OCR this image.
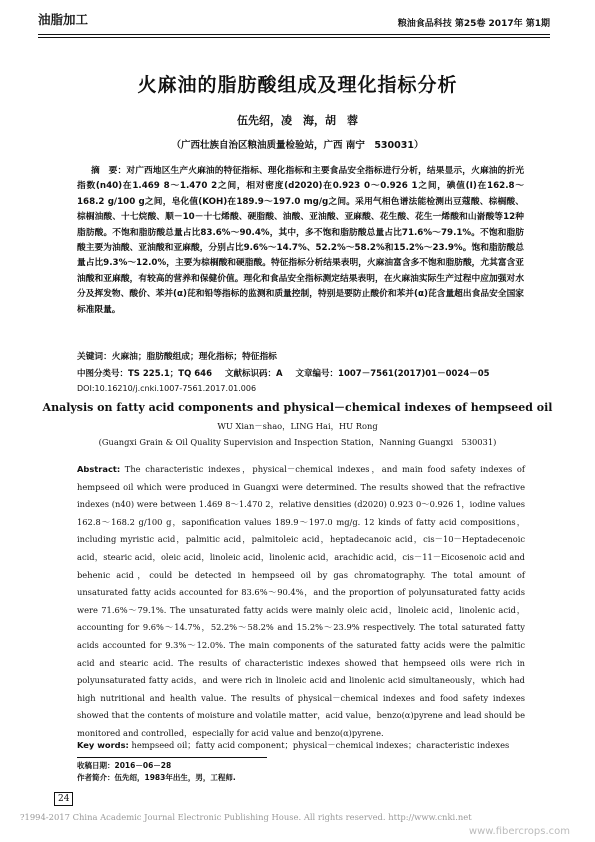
油脂加工	粮油食品科技 第25卷 2017年 第1期
火麻油的脂肪酸组成及理化指标分析
伍先绍，凌　海，胡　蓉
（广西壮族自治区粮油质量检验站，广西 南宁　530031）
摘　要：对广西地区生产火麻油的特征指标、理化指标和主要食品安全指标进行分析，结果显示，火麻油的折光指数(n40)在1.469 8～1.470 2之间，相对密度(d2020)在0.923 0～0.926 1之间，碘值(I)在162.8～168.2 g/100 g之间，皂化值(KOH)在189.9～197.0 mg/g之间。采用气相色谱法能检测出豆蔻酸、棕榈酸、棕榈油酸、十七烷酸、顺－10－十七烯酸、硬脂酸、油酸、亚油酸、亚麻酸、花生酸、花生一烯酸和山嵛酸等12种脂肪酸。不饱和脂肪酸总量占比83.6%～90.4%，其中，多不饱和脂肪酸总量占比71.6%～79.1%。不饱和脂肪酸主要为油酸、亚油酸和亚麻酸，分别占比9.6%～14.7%、52.2%～58.2%和15.2%～23.9%。饱和脂肪酸总量占比9.3%～12.0%，主要为棕榈酸和硬脂酸。特征指标分析结果表明，火麻油富含多不饱和脂肪酸，尤其富含亚油酸和亚麻酸，有较高的营养和保健价值。理化和食品安全指标测定结果表明，在火麻油实际生产过程中应加强对水分及挥发物、酸价、苯并(α)芘和铅等指标的监测和质量控制，特别是要防止酸价和苯并(α)芘含量超出食品安全国家标准限量。
关键词：火麻油；脂肪酸组成；理化指标；特征指标
中图分类号：TS 225.1；TQ 646 文献标识码：A 文章编号：1007－7561(2017)01－0024－05
DOI:10.16210/j.cnki.1007-7561.2017.01.006
Analysis on fatty acid components and physical－chemical indexes of hempseed oil
WU Xian－shao，LING Hai，HU Rong
(Guangxi Grain & Oil Quality Supervision and Inspection Station，Nanning Guangxi　530031)
Abstract: The characteristic indexes，physical－chemical indexes，and main food safety indexes of hempseed oil which were produced in Guangxi were determined. The results showed that the refractive indexes (n40) were between 1.469 8～1.470 2，relative densities (d2020) 0.923 0～0.926 1，iodine values 162.8～168.2 g/100 g，saponification values 189.9～197.0 mg/g. 12 kinds of fatty acid compositions，including myristic acid，palmitic acid，palmitoleic acid，heptadecanoic acid，cis－10－Heptadecenoic acid，stearic acid，oleic acid，linoleic acid，linolenic acid，arachidic acid，cis－11－Eicosenoic acid and behenic acid，could be detected in hempseed oil by gas chromatography. The total amount of unsaturated fatty acids accounted for 83.6%～90.4%，and the proportion of polyunsaturated fatty acids were 71.6%～79.1%. The unsaturated fatty acids were mainly oleic acid，linoleic acid，linolenic acid，accounting for 9.6%～14.7%，52.2%～58.2% and 15.2%～23.9% respectively. The total saturated fatty acids accounted for 9.3%～12.0%. The main components of the saturated fatty acids were the palmitic acid and stearic acid. The results of characteristic indexes showed that hempseed oils were rich in polyunsaturated fatty acids，and were rich in linoleic acid and linolenic acid simultaneously，which had high nutritional and health value. The results of physical－chemical indexes and food safety indexes showed that the contents of moisture and volatile matter，acid value，benzo(α)pyrene and lead should be monitored and controlled，especially for acid value and benzo(α)pyrene.
Key words: hempseed oil；fatty acid component；physical－chemical indexes；characteristic indexes
收稿日期：2016－06－28
作者简介：伍先绍，1983年出生，男，工程师.
24
?1994-2017 China Academic Journal Electronic Publishing House. All rights reserved. http://www.cnki.net
www.fibercrops.com
